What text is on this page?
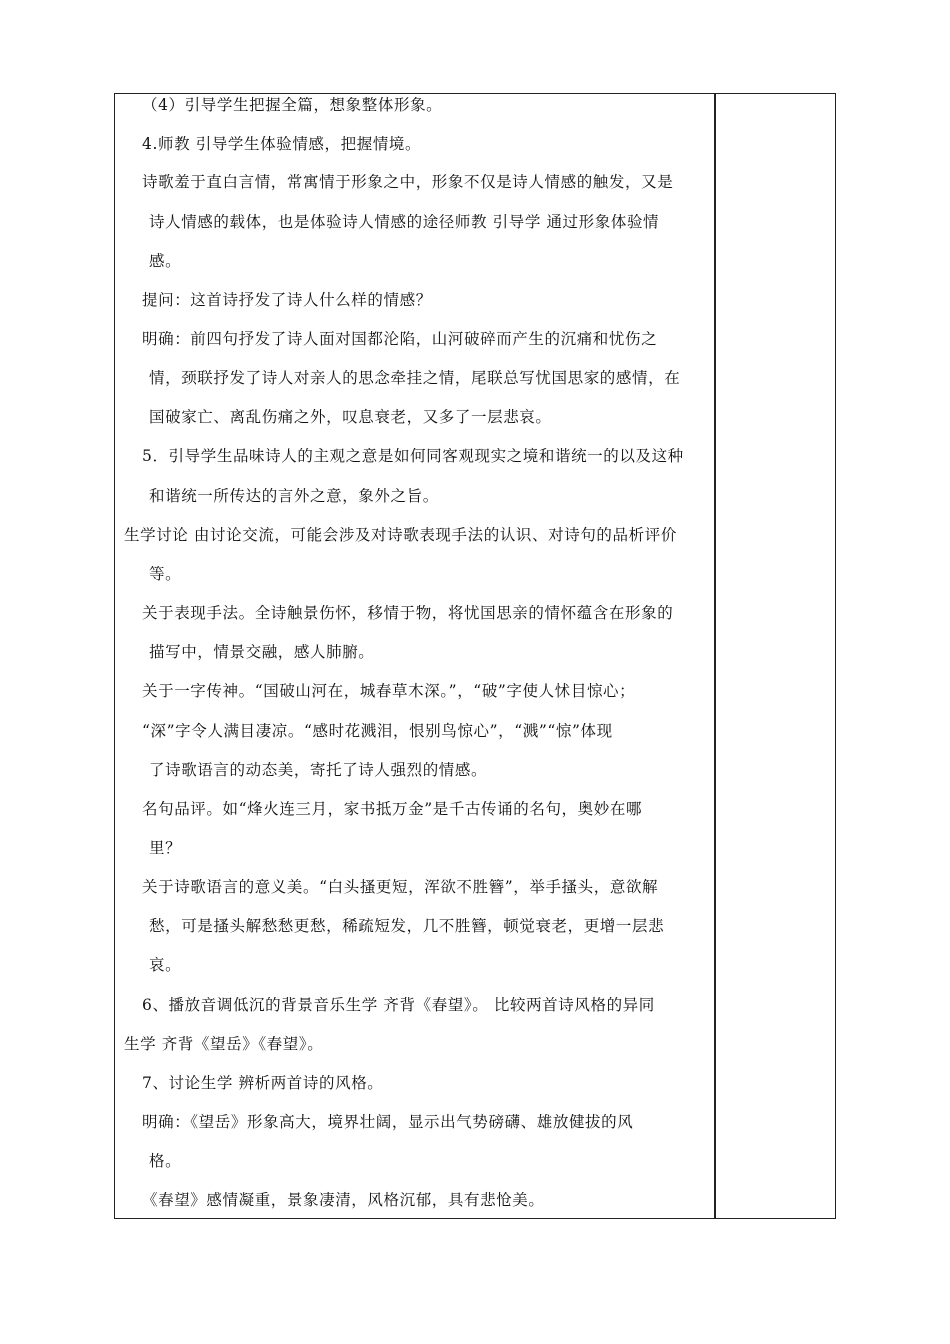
（4）引导学生把握全篇，想象整体形象。
4.师教 引导学生体验情感，把握情境。
诗歌羞于直白言情，常寓情于形象之中，形象不仅是诗人情感的触发，又是
诗人情感的载体，也是体验诗人情感的途径师教 引导学 通过形象体验情
感。
提问：这首诗抒发了诗人什么样的情感？
明确：前四句抒发了诗人面对国都沦陷，山河破碎而产生的沉痛和忧伤之
情，颈联抒发了诗人对亲人的思念牵挂之情，尾联总写忧国思家的感情，在
国破家亡、离乱伤痛之外，叹息衰老，又多了一层悲哀。
5．引导学生品味诗人的主观之意是如何同客观现实之境和谐统一的以及这种
和谐统一所传达的言外之意，象外之旨。
生学讨论 由讨论交流，可能会涉及对诗歌表现手法的认识、对诗句的品析评价
等。
关于表现手法。全诗触景伤怀，移情于物，将忧国思亲的情怀蕴含在形象的
描写中，情景交融，感人肺腑。
关于一字传神。“国破山河在，城春草木深。”，“破”字使人怵目惊心；
“深”字令人满目凄凉。“感时花溅泪，恨别鸟惊心”，“溅”“惊”体现
了诗歌语言的动态美，寄托了诗人强烈的情感。
名句品评。如“烽火连三月，家书抵万金”是千古传诵的名句，奥妙在哪
里？
关于诗歌语言的意义美。“白头搔更短，浑欲不胜簪”，举手搔头，意欲解
愁，可是搔头解愁愁更愁，稀疏短发，几不胜簪，顿觉衰老，更增一层悲
哀。
6、播放音调低沉的背景音乐生学 齐背《春望》。 比较两首诗风格的异同
生学 齐背《望岳》《春望》。
7、讨论生学 辨析两首诗的风格。
明确：《望岳》形象高大，境界壮阔，显示出气势磅礴、雄放健拔的风
格。
《春望》感情凝重，景象凄清，风格沉郁，具有悲怆美。
